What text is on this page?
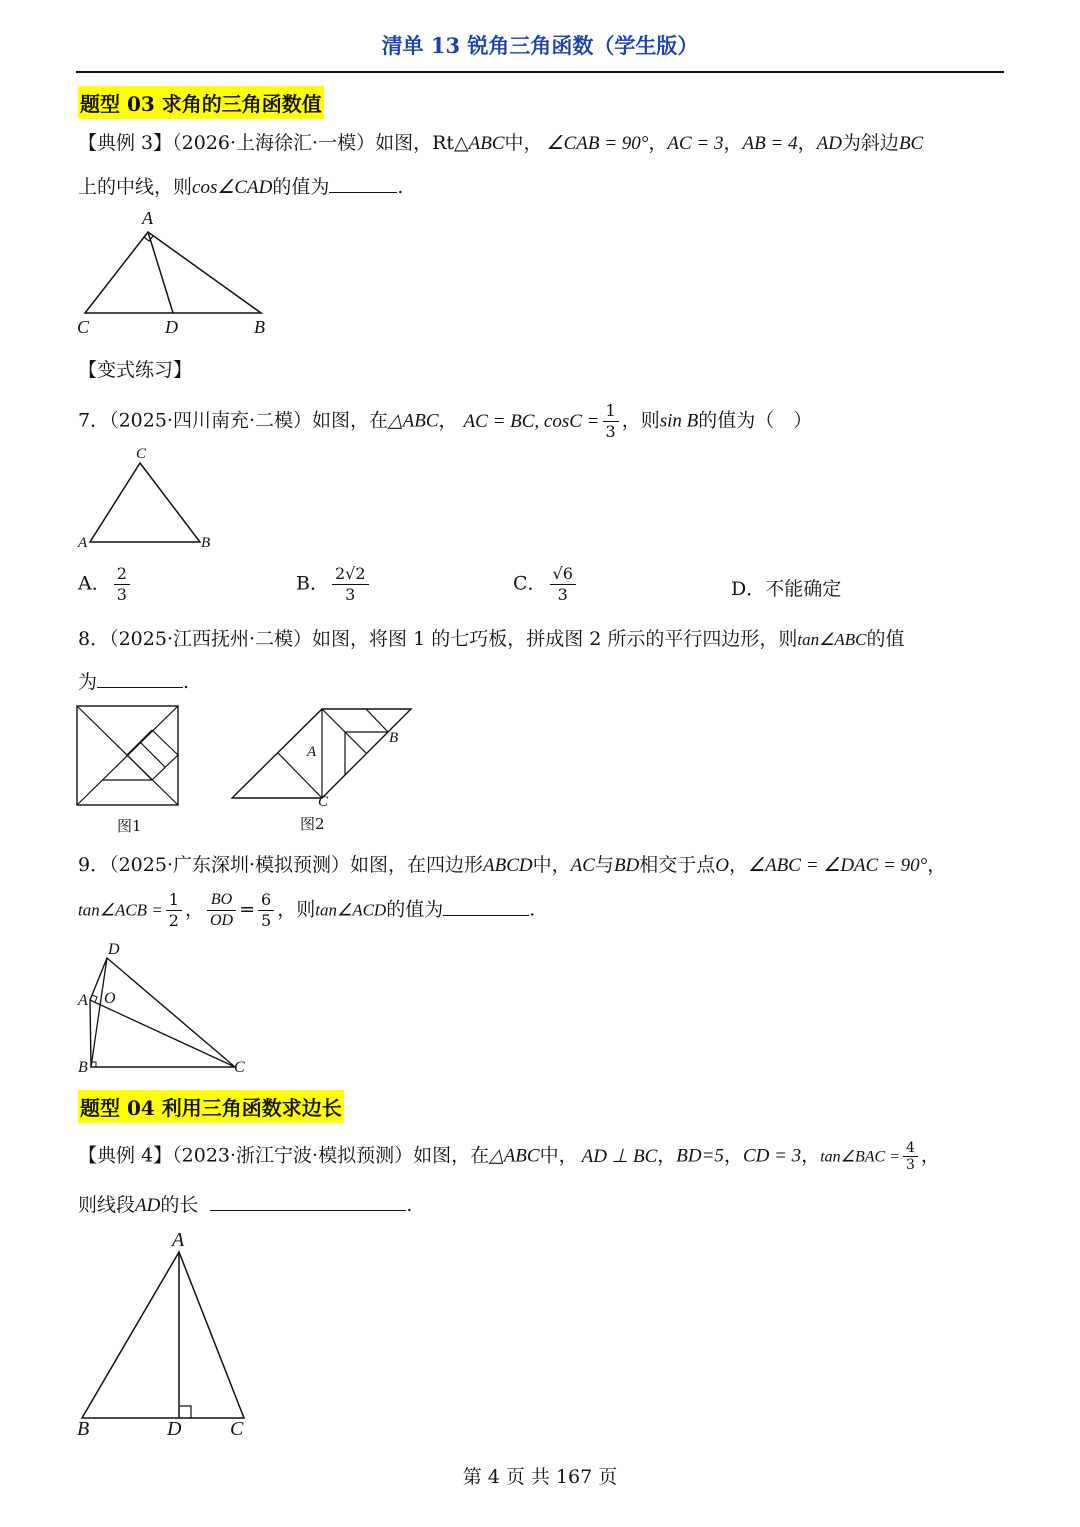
清单 13 锐角三角函数（学生版）
题型 03 求角的三角函数值
【典例 3】（2026·上海徐汇·一模）如图，Rt△ABC中， ∠CAB = 90°，AC = 3，AB = 4，AD为斜边BC
上的中线，则cos∠CAD的值为	.
A
C	D	B
【变式练习】
7．（2025·四川南充·二模）如图，在△ABC， AC = BC, $\cos C = \frac{1}{3}$ ，则sin B的值为（　）
C
A	B
A． $\frac{2}{3}$	B． $\frac{2√2}{3}$	C． $\frac{√6}{3}$	D．不能确定
8．（2025·江西抚州·二模）如图，将图 1 的七巧板，拼成图 2 所示的平行四边形，则tan∠ABC的值
为	.
图1
A
B
C
图2
9．（2025·广东深圳·模拟预测）如图，在四边形ABCD中，AC与BD相交于点O，∠ABC = ∠DAC = 90°，
tan∠ACB = $\frac{1}{2}$ ， $\frac{BO}{OD} = \frac{6}{5}$ ，则tan∠ACD的值为	.
D
A O
B	C
题型 04 利用三角函数求边长
【典例 4】（2023·浙江宁波·模拟预测）如图，在△ABC中， AD ⊥ BC，BD=5，CD = 3，tan∠BAC = $\frac{4}{3}$ ，
则线段AD的长	.
A
B	D C
第 4 页 共 167 页
